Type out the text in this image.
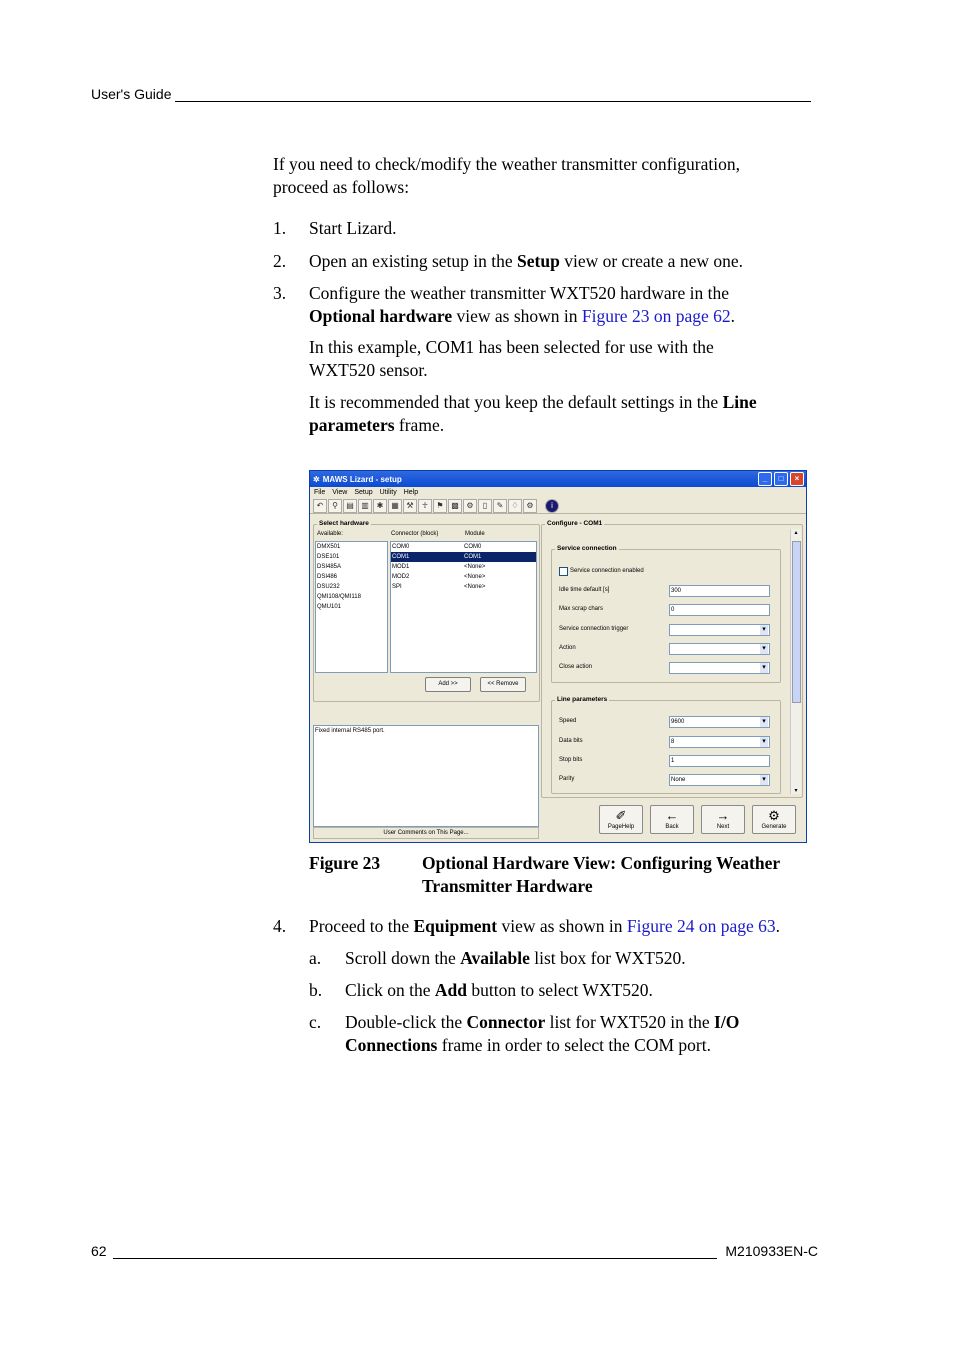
User's Guide
62	M210933EN-C
If you need to check/modify the weather transmitter configuration, proceed as follows:
1. Start Lizard.
2. Open an existing setup in the Setup view or create a new one.
3. Configure the weather transmitter WXT520 hardware in the Optional hardware view as shown in Figure 23 on page 62.
In this example, COM1 has been selected for use with the WXT520 sensor.
It is recommended that you keep the default settings in the Line parameters frame.
✲ MAWS Lizard - setup	_	□	×
File View Setup Utility Help
↶	⚲	▤ ▥ ✱ ▦ ⚒	☥	⚑ ▩ ⚙	▯	✎	♢ ⚙	i
Select hardware
Available:	Connector (block)	Module
DMX501
DSE101
DSI485A
DSI486
DSU232
QMI108/QMI118
QMU101
COM0	COM0
COM1	COM1
MOD1	<None>
MOD2	<None>
SPI	<None>
Add >>	<< Remove
Fixed internal RS485 port.
User Comments on This Page...
Configure - COM1
▴
▾
Service connection
Service connection enabled
Idle time default [s]	300
Max scrap chars	0
Service connection trigger
▾
Action
▾
Close action
▾
Line parameters
Speed	9600 ▾
Data bits	8 ▾
Stop bits	1
Parity	None ▾
✐
PageHelp
←
Back
→
Next
⚙
Generate
Figure 23	Optional Hardware View: Configuring Weather Transmitter Hardware
4. Proceed to the Equipment view as shown in Figure 24 on page 63.
a. Scroll down the Available list box for WXT520.
b. Click on the Add button to select WXT520.
c. Double-click the Connector list for WXT520 in the I/O Connections frame in order to select the COM port.
